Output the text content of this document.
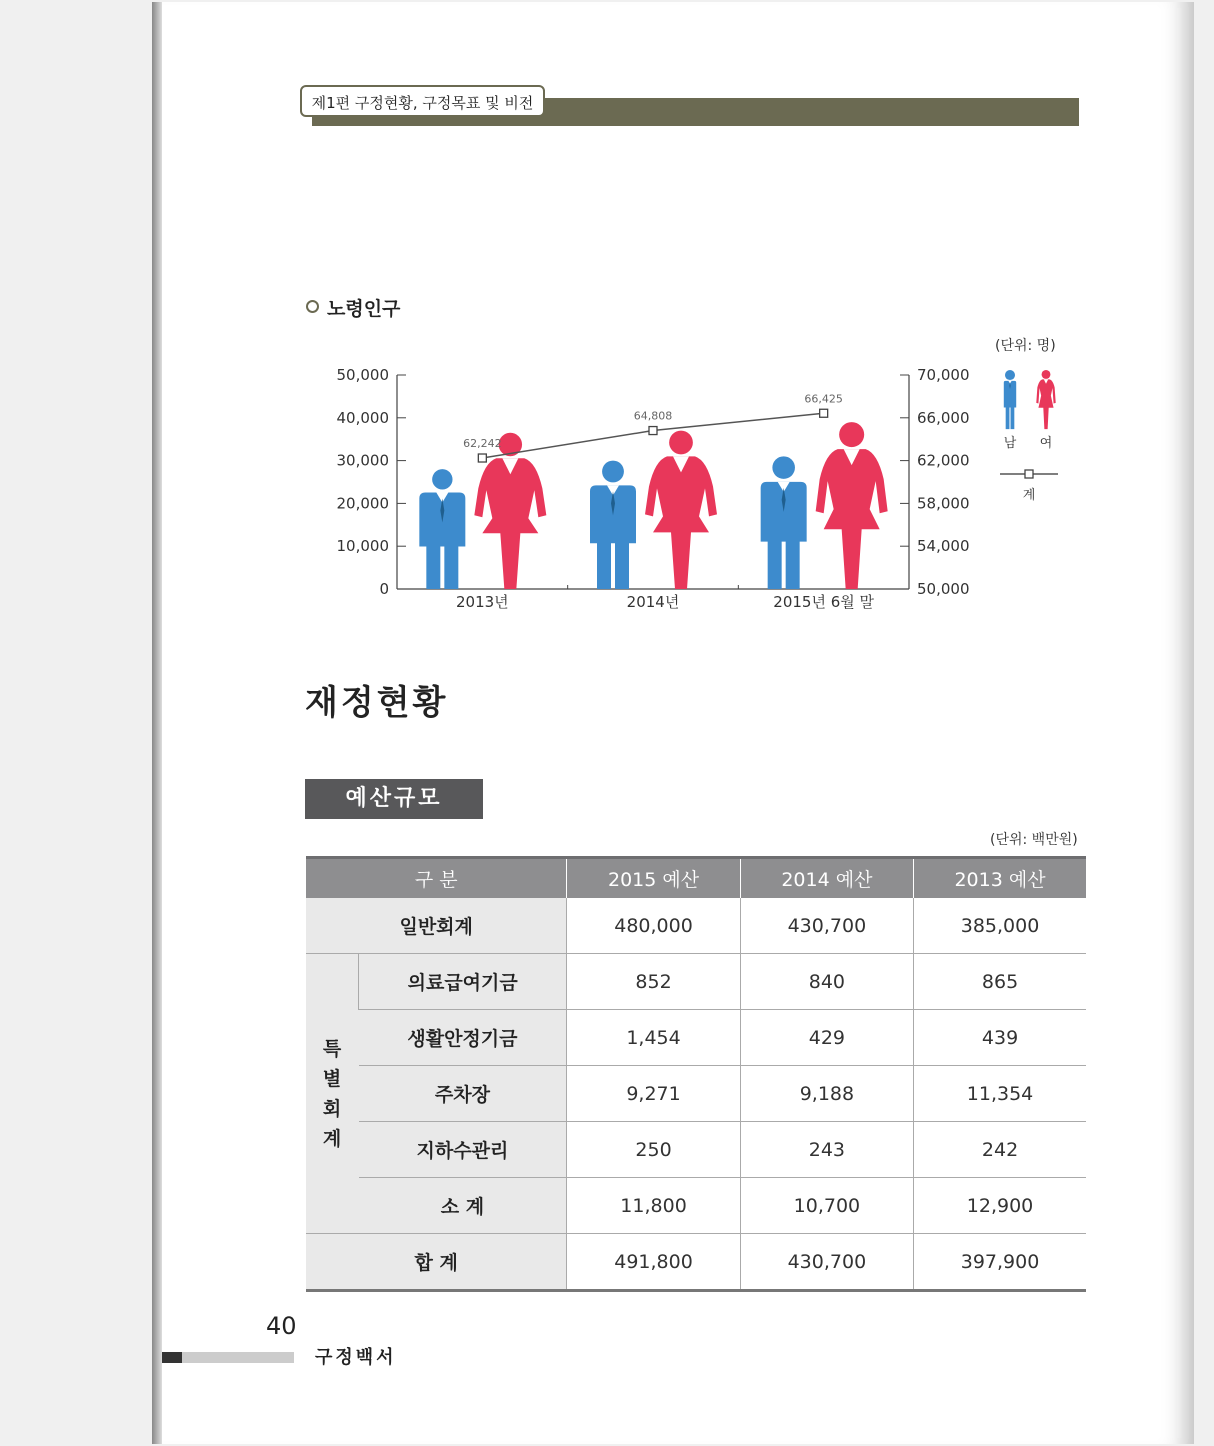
제1편 구정현황, 구정목표 및 비전
노령인구
(단위: 명)
0
10,000
20,000
30,000
40,000
50,000
50,000
54,000
58,000
62,000
66,000
70,000
2013년	2014년	2015년 6월 말
62,242
64,808
66,425
남 여
계
재정현황
예산규모
(단위: 백만원)
구 분		2015 예산	2014 예산	2013 예산
일반회계		480,000	430,700	385,000
특
별
회
계	의료급여기금	852	840	865
	생활안정기금	1,454	429	439
	주차장	9,271	9,188	11,354
	지하수관리	250	243	242
	소 계	11,800	10,700	12,900
합 계		491,800	430,700	397,900
40
구정백서
